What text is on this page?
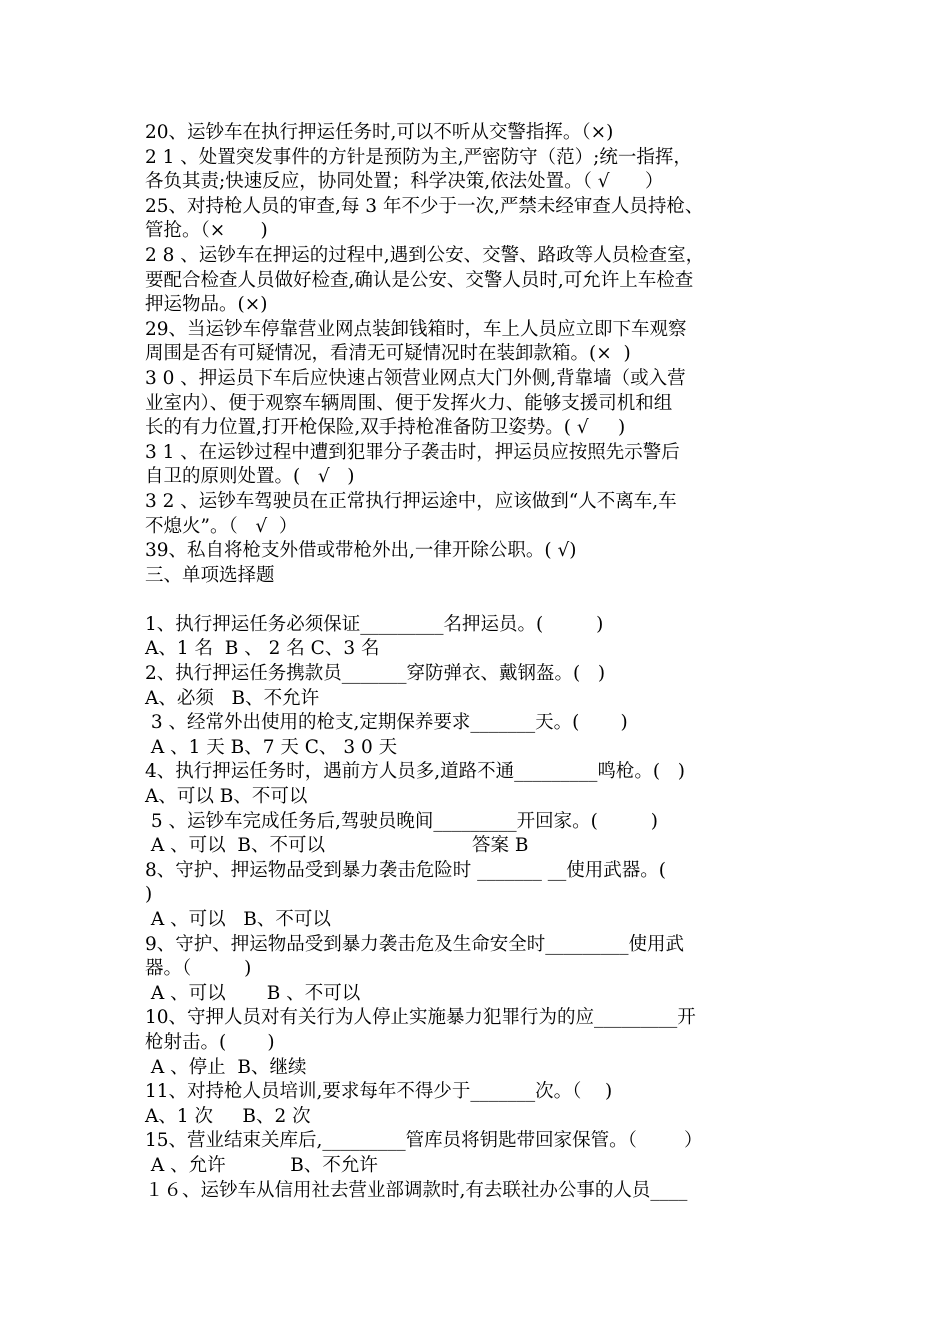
20、运钞车在执行押运任务时,可以不听从交警指挥。（×)
2 1 、处置突发事件的方针是预防为主,严密防守（范）;统一指挥，
各负其责;快速反应，协同处置；科学决策,依法处置。（ √      ）
25、对持枪人员的审查,每 3 年不少于一次,严禁未经审查人员持枪、
管抢。（×      )
2 8 、运钞车在押运的过程中,遇到公安、交警、路政等人员检查室，
要配合检查人员做好检查,确认是公安、交警人员时,可允许上车检查
押运物品。(×)
29、当运钞车停靠营业网点装卸钱箱时，车上人员应立即下车观察
周围是否有可疑情况，看清无可疑情况时在装卸款箱。(×  )
3 0 、押运员下车后应快速占领营业网点大门外侧,背靠墙（或入营
业室内）、便于观察车辆周围、便于发挥火力、能够支援司机和组
长的有力位置,打开枪保险,双手持枪准备防卫姿势。( √     )
3 1 、在运钞过程中遭到犯罪分子袭击时，押运员应按照先示警后
自卫的原则处置。(   √   )
3 2 、运钞车驾驶员在正常执行押运途中，应该做到“人不离车,车
不熄火”。（   √  ）
39、私自将枪支外借或带枪外出,一律开除公职。( √)
三、单项选择题
1、执行押运任务必须保证_________名押运员。(         )
A、1 名  B 、 2 名 C、3 名
2、执行押运任务携款员_______穿防弹衣、戴钢盔。(   )
A、必须   B、不允许
3 、经常外出使用的枪支,定期保养要求_______天。(       )
A 、1 天 B、7 天 C、 3 0 天
4、执行押运任务时，遇前方人员多,道路不通_________鸣枪。(   )
A、可以 B、不可以
5 、运钞车完成任务后,驾驶员晚间_________开回家。(         )
A 、可以  B、不可以                         答案 B
8、守护、押运物品受到暴力袭击危险时 _______ __使用武器。(
)
A 、可以   B、不可以
9、守护、押运物品受到暴力袭击危及生命安全时_________使用武
器。（         )
A 、可以       B 、不可以
10、守押人员对有关行为人停止实施暴力犯罪行为的应_________开
枪射击。(       )
A 、停止  B、继续
11、对持枪人员培训,要求每年不得少于_______次。（    )
A、1 次     B、2 次
15、营业结束关库后,_________管库员将钥匙带回家保管。（        ）
A 、允许           B、不允许
１６、运钞车从信用社去营业部调款时,有去联社办公事的人员____
